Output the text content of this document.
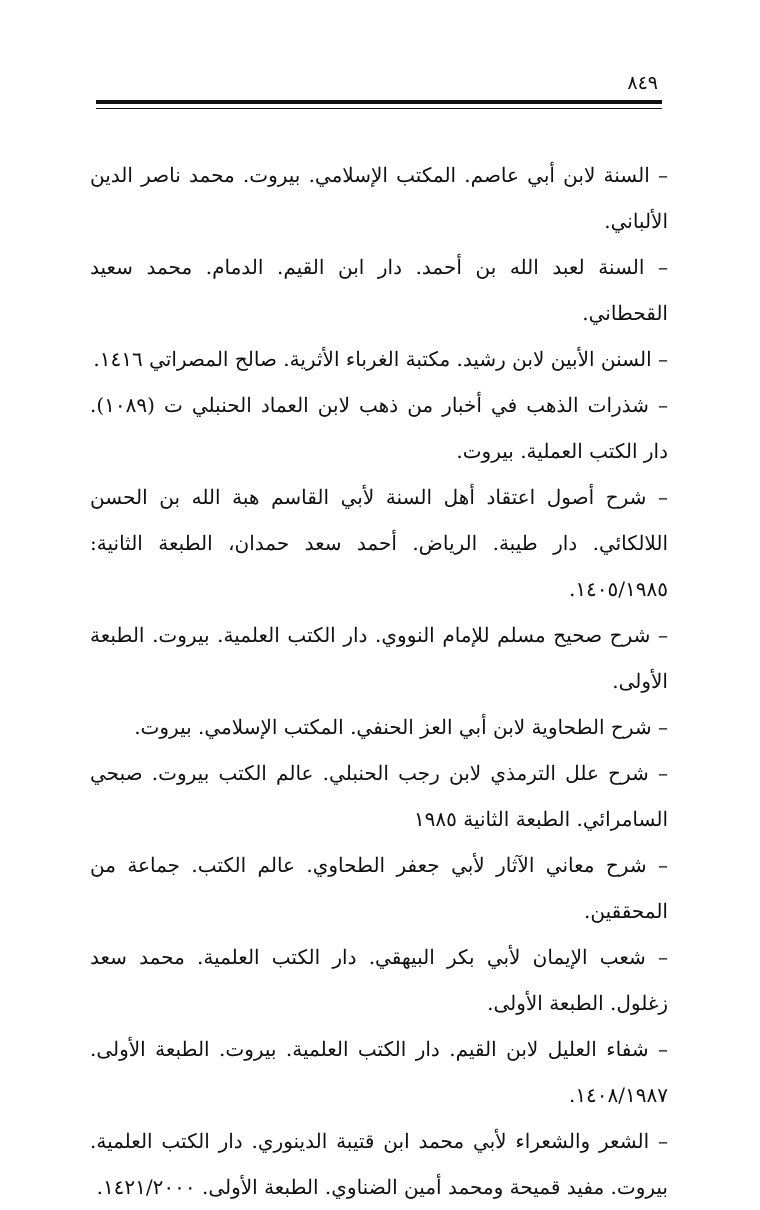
٨٤٩

– السنة لابن أبي عاصم. المكتب الإسلامي. بيروت. محمد ناصر الدين الألباني.

– السنة لعبد الله بن أحمد. دار ابن القيم. الدمام. محمد سعيد القحطاني.

– السنن الأبين لابن رشيد. مكتبة الغرباء الأثرية. صالح المصراتي ١٤١٦.

– شذرات الذهب في أخبار من ذهب لابن العماد الحنبلي ت (١٠٨٩). دار الكتب العملية. بيروت.

– شرح أصول اعتقاد أهل السنة لأبي القاسم هبة الله بن الحسن اللالكائي. دار طيبة. الرياض. أحمد سعد حمدان، الطبعة الثانية: ١٤٠٥/١٩٨٥.

– شرح صحيح مسلم للإمام النووي. دار الكتب العلمية. بيروت. الطبعة الأولى.

– شرح الطحاوية لابن أبي العز الحنفي. المكتب الإسلامي. بيروت.

– شرح علل الترمذي لابن رجب الحنبلي. عالم الكتب بيروت. صبحي السامرائي. الطبعة الثانية ١٩٨٥

– شرح معاني الآثار لأبي جعفر الطحاوي. عالم الكتب. جماعة من المحققين.

– شعب الإيمان لأبي بكر البيهقي. دار الكتب العلمية. محمد سعد زغلول. الطبعة الأولى.

– شفاء العليل لابن القيم. دار الكتب العلمية. بيروت. الطبعة الأولى. ١٤٠٨/١٩٨٧.

– الشعر والشعراء لأبي محمد ابن قتيبة الدينوري. دار الكتب العلمية. بيروت. مفيد قميحة ومحمد أمين الضناوي. الطبعة الأولى. ١٤٢١/٢٠٠٠.
